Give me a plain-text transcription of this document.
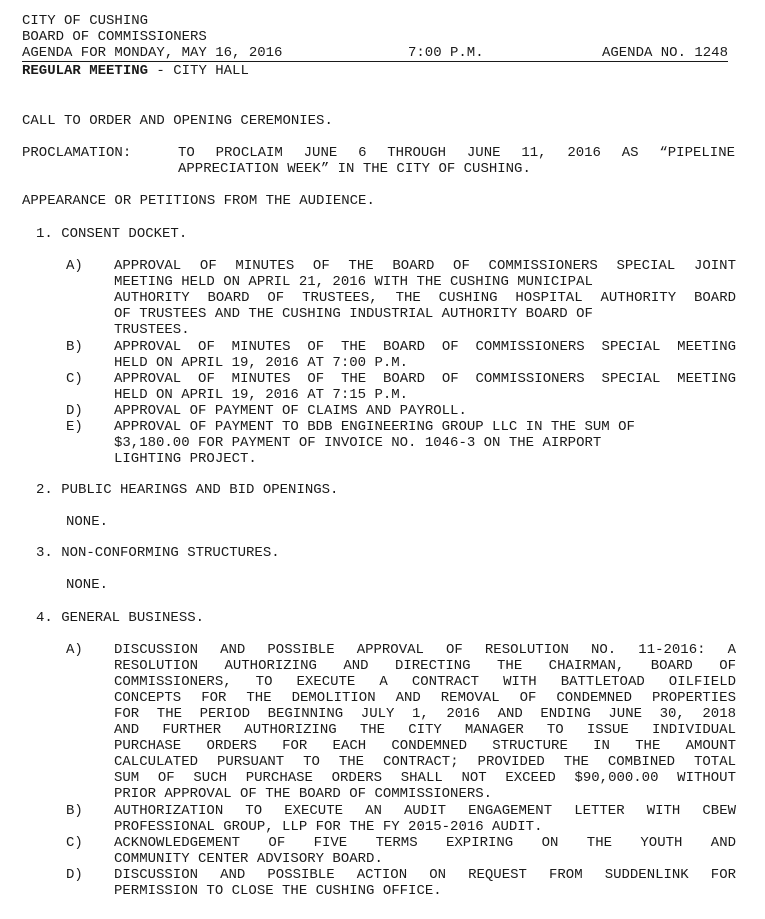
CITY OF CUSHING
BOARD OF COMMISSIONERS
AGENDA FOR MONDAY, MAY 16, 2016	7:00 P.M.	AGENDA NO. 1248
REGULAR MEETING - CITY HALL
CALL TO ORDER AND OPENING CEREMONIES.
PROCLAMATION:	TO PROCLAIM JUNE 6 THROUGH JUNE 11, 2016 AS “PIPELINE
APPRECIATION WEEK” IN THE CITY OF CUSHING.
APPEARANCE OR PETITIONS FROM THE AUDIENCE.
1. CONSENT DOCKET.
A) APPROVAL OF MINUTES OF THE BOARD OF COMMISSIONERS SPECIAL JOINT
MEETING HELD ON APRIL 21, 2016 WITH THE CUSHING MUNICIPAL
AUTHORITY BOARD OF TRUSTEES, THE CUSHING HOSPITAL AUTHORITY BOARD
OF TRUSTEES AND THE CUSHING INDUSTRIAL AUTHORITY BOARD OF
TRUSTEES.
B) APPROVAL OF MINUTES OF THE BOARD OF COMMISSIONERS SPECIAL MEETING
HELD ON APRIL 19, 2016 AT 7:00 P.M.
C) APPROVAL OF MINUTES OF THE BOARD OF COMMISSIONERS SPECIAL MEETING
HELD ON APRIL 19, 2016 AT 7:15 P.M.
D) APPROVAL OF PAYMENT OF CLAIMS AND PAYROLL.
E) APPROVAL OF PAYMENT TO BDB ENGINEERING GROUP LLC IN THE SUM OF
$3,180.00 FOR PAYMENT OF INVOICE NO. 1046-3 ON THE AIRPORT
LIGHTING PROJECT.
2. PUBLIC HEARINGS AND BID OPENINGS.
NONE.
3. NON-CONFORMING STRUCTURES.
NONE.
4. GENERAL BUSINESS.
A) DISCUSSION AND POSSIBLE APPROVAL OF RESOLUTION NO. 11-2016: A
RESOLUTION AUTHORIZING AND DIRECTING THE CHAIRMAN, BOARD OF
COMMISSIONERS, TO EXECUTE A CONTRACT WITH BATTLETOAD OILFIELD
CONCEPTS FOR THE DEMOLITION AND REMOVAL OF CONDEMNED PROPERTIES
FOR THE PERIOD BEGINNING JULY 1, 2016 AND ENDING JUNE 30, 2018
AND FURTHER AUTHORIZING THE CITY MANAGER TO ISSUE INDIVIDUAL
PURCHASE ORDERS FOR EACH CONDEMNED STRUCTURE IN THE AMOUNT
CALCULATED PURSUANT TO THE CONTRACT; PROVIDED THE COMBINED TOTAL
SUM OF SUCH PURCHASE ORDERS SHALL NOT EXCEED $90,000.00 WITHOUT
PRIOR APPROVAL OF THE BOARD OF COMMISSIONERS.
B) AUTHORIZATION TO EXECUTE AN AUDIT ENGAGEMENT LETTER WITH CBEW
PROFESSIONAL GROUP, LLP FOR THE FY 2015-2016 AUDIT.
C) ACKNOWLEDGEMENT OF FIVE TERMS EXPIRING ON THE YOUTH AND
COMMUNITY CENTER ADVISORY BOARD.
D) DISCUSSION AND POSSIBLE ACTION ON REQUEST FROM SUDDENLINK FOR
PERMISSION TO CLOSE THE CUSHING OFFICE.
